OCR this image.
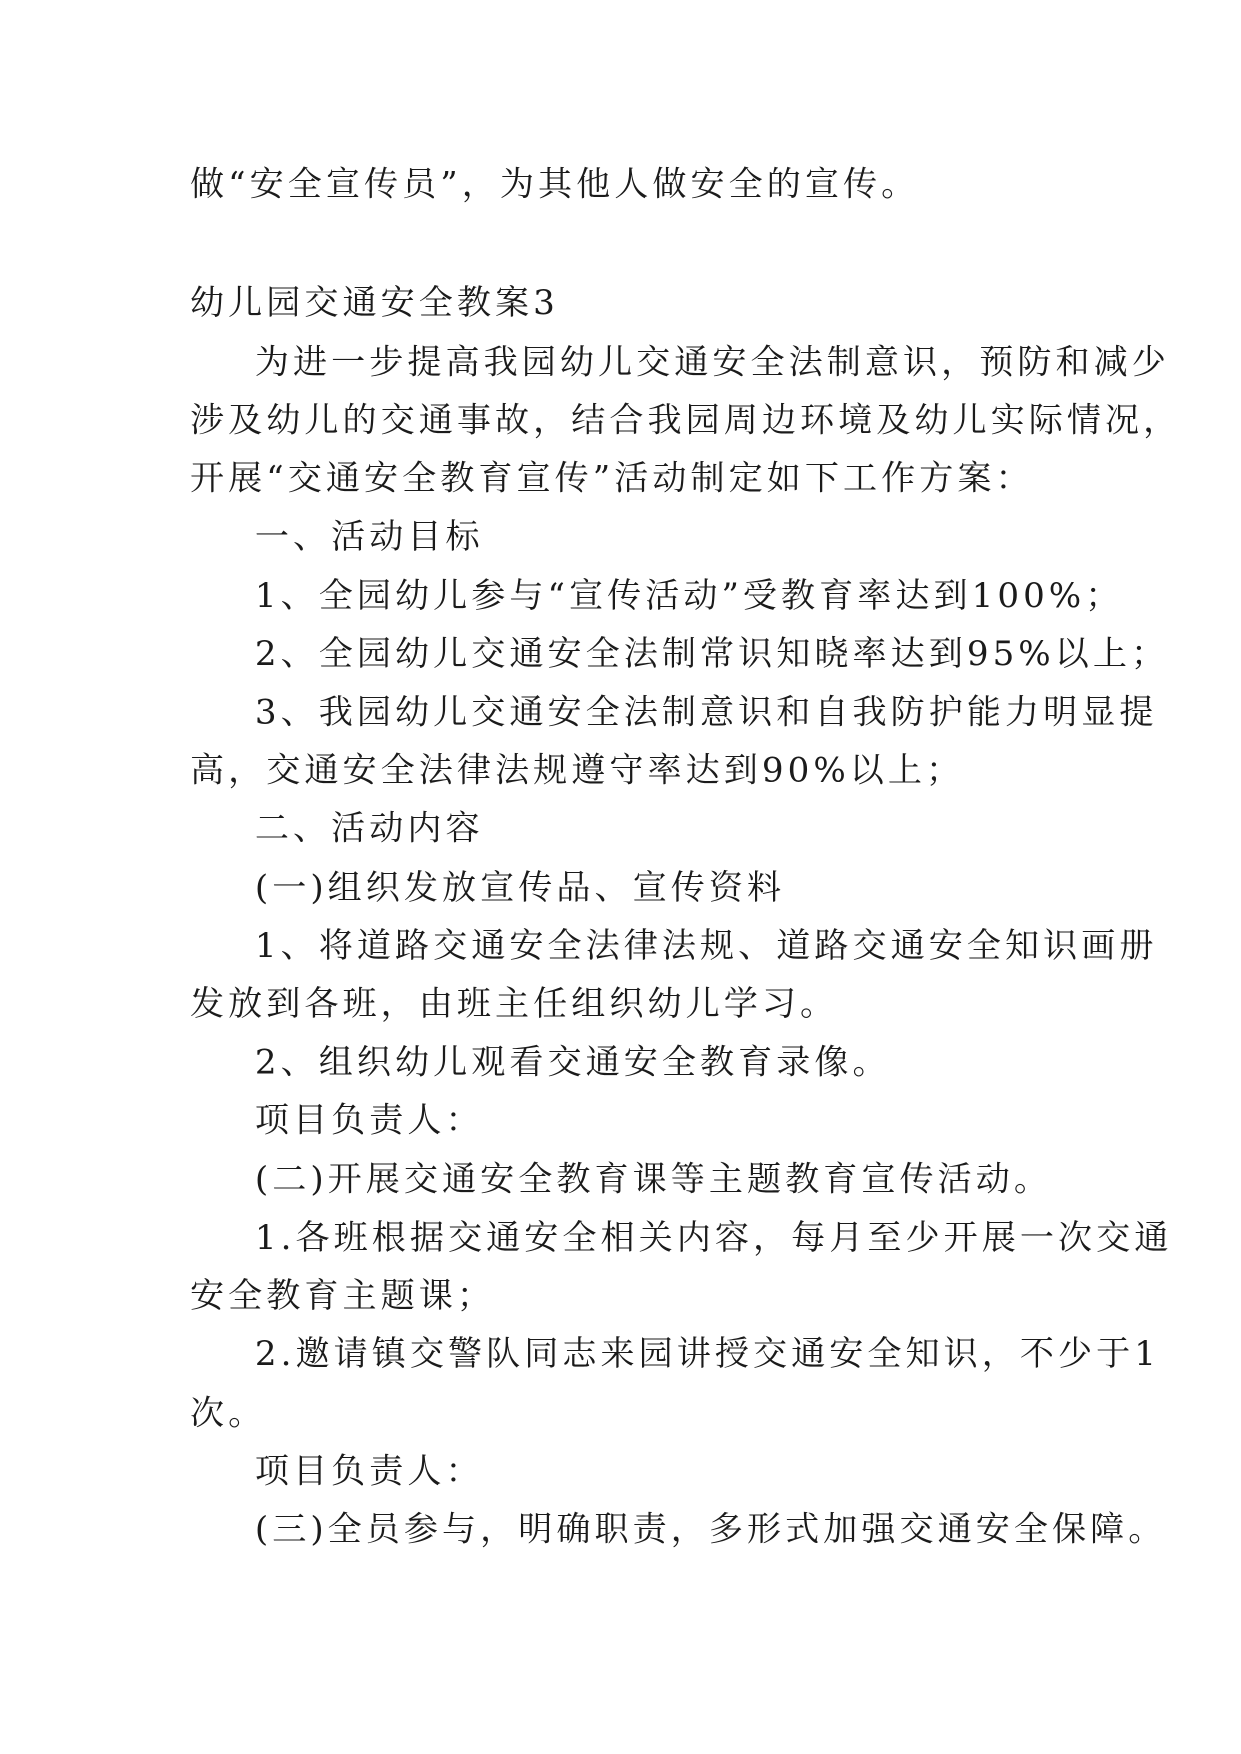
做“安全宣传员”，为其他人做安全的宣传。
幼儿园交通安全教案3
为进一步提高我园幼儿交通安全法制意识，预防和减少
涉及幼儿的交通事故，结合我园周边环境及幼儿实际情况，
开展“交通安全教育宣传”活动制定如下工作方案：
一、活动目标
1、全园幼儿参与“宣传活动”受教育率达到100%；
2、全园幼儿交通安全法制常识知晓率达到95%以上；
3、我园幼儿交通安全法制意识和自我防护能力明显提
高，交通安全法律法规遵守率达到90%以上；
二、活动内容
(一)组织发放宣传品、宣传资料
1、将道路交通安全法律法规、道路交通安全知识画册
发放到各班，由班主任组织幼儿学习。
2、组织幼儿观看交通安全教育录像。
项目负责人：
(二)开展交通安全教育课等主题教育宣传活动。
1.各班根据交通安全相关内容，每月至少开展一次交通
安全教育主题课；
2.邀请镇交警队同志来园讲授交通安全知识，不少于1
次。
项目负责人：
(三)全员参与，明确职责，多形式加强交通安全保障。
